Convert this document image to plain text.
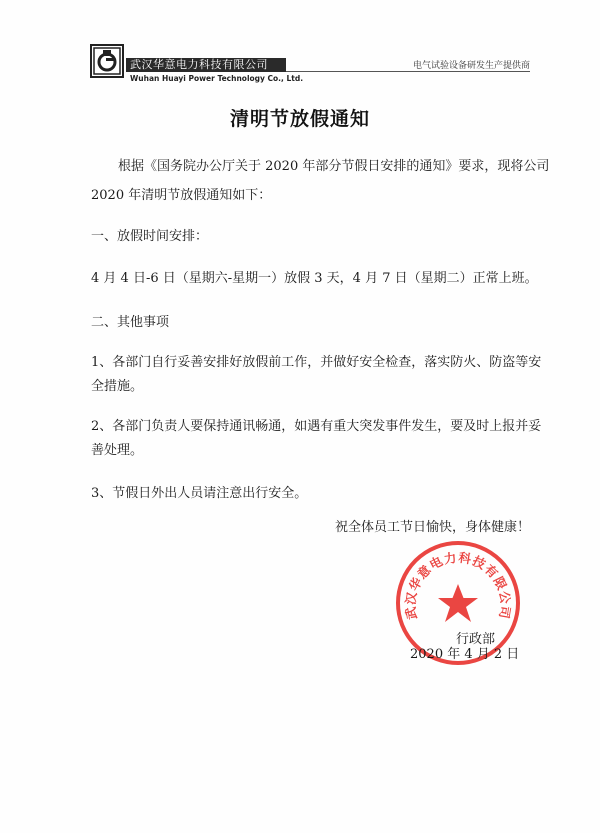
武汉华意电力科技有限公司
Wuhan Huayi Power Technology Co., Ltd.
电气试验设备研发生产提供商
清明节放假通知
根据《国务院办公厅关于 2020 年部分节假日安排的通知》要求，现将公司
2020 年清明节放假通知如下：
一、放假时间安排：
4 月 4 日-6 日（星期六-星期一）放假 3 天，4 月 7 日（星期二）正常上班。
二、其他事项
1、各部门自行妥善安排好放假前工作，并做好安全检查，落实防火、防盗等安
全措施。
2、各部门负责人要保持通讯畅通，如遇有重大突发事件发生，要及时上报并妥
善处理。
3、节假日外出人员请注意出行安全。
祝全体员工节日愉快，身体健康！
武汉华意电力科技有限公司
行政部
2020 年 4 月 2 日
